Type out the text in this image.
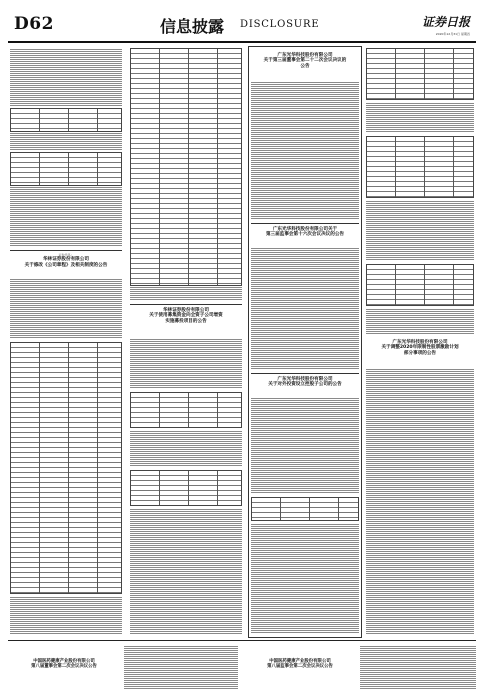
D62	信息披露 DISCLOSURE	证券日报
2020年12月31日 星期四
证券代码：
华林证券股份有限公司
关于修改《公司章程》及相关制度的公告
华林证券股份有限公司
关于使用募集资金向全资子公司增资
实施募投项目的公告
广东光华科技股份有限公司
关于第三届董事会第二十二次会议决议的
公告
广东光华科技股份有限公司关于
第三届监事会第十六次会议决议的公告
广东光华科技股份有限公司
关于对外投资设立控股子公司的公告
广东光华科技股份有限公司
关于调整2020年限制性股票激励计划
部分事项的公告
中国医药健康产业股份有限公司
第八届董事会第二次会议决议公告
中国医药健康产业股份有限公司
第八届监事会第二次会议决议公告
